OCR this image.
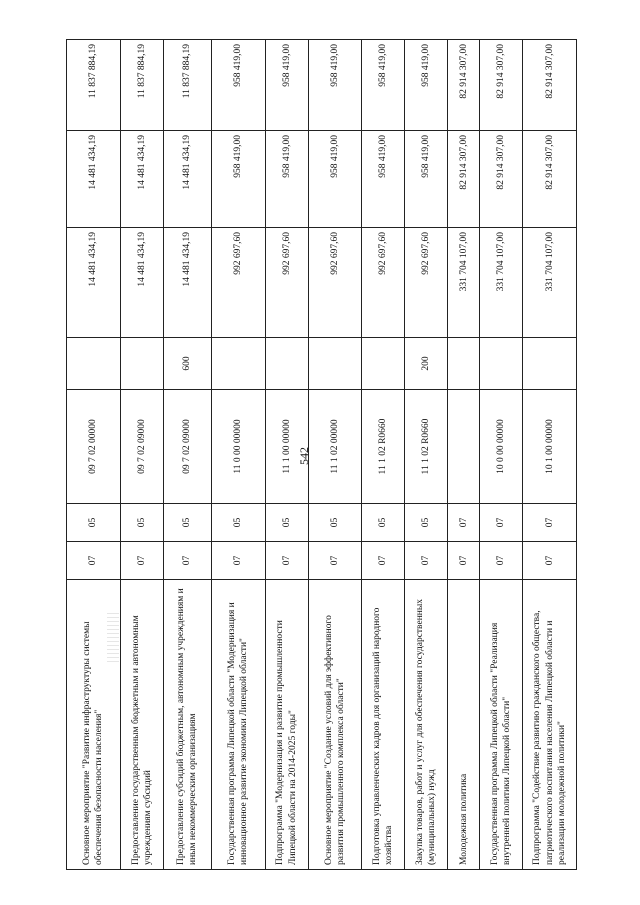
542
Основное мероприятие "Развитие инфраструктуры системы обеспечения безопасности населения"	07	05	09 7 02 00000		14 481 434,19	14 481 434,19	11 837 884,19
Предоставление государственным бюджетным и автономным учреждениям субсидий	07	05	09 7 02 09000		14 481 434,19	14 481 434,19	11 837 884,19
Предоставление субсидий бюджетным, автономным учреждениям и иным некоммерческим организациям	07	05	09 7 02 09000	600	14 481 434,19	14 481 434,19	11 837 884,19
Государственная программа Липецкой области "Модернизация и инновационное развитие экономики Липецкой области"	07	05	11 0 00 00000		992 697,60	958 419,00	958 419,00
Подпрограмма "Модернизация и развитие промышленности Липецкой области на 2014-2025 годы"	07	05	11 1 00 00000		992 697,60	958 419,00	958 419,00
Основное мероприятие "Создание условий для эффективного развития промышленного комплекса области"	07	05	11 1 02 00000		992 697,60	958 419,00	958 419,00
Подготовка управленческих кадров для организаций народного хозяйства	07	05	11 1 02 R0660		992 697,60	958 419,00	958 419,00
Закупка товаров, работ и услуг для обеспечения государственных (муниципальных) нужд	07	05	11 1 02 R0660	200	992 697,60	958 419,00	958 419,00
Молодежная политика	07	07			331 704 107,00	82 914 307,00	82 914 307,00
Государственная программа Липецкой области "Реализация внутренней политики Липецкой области"	07	07	10 0 00 00000		331 704 107,00	82 914 307,00	82 914 307,00
Подпрограмма "Содействие развитию гражданского общества, патриотического воспитания населения Липецкой области и реализации молодежной политики"	07	07	10 1 00 00000		331 704 107,00	82 914 307,00	82 914 307,00
